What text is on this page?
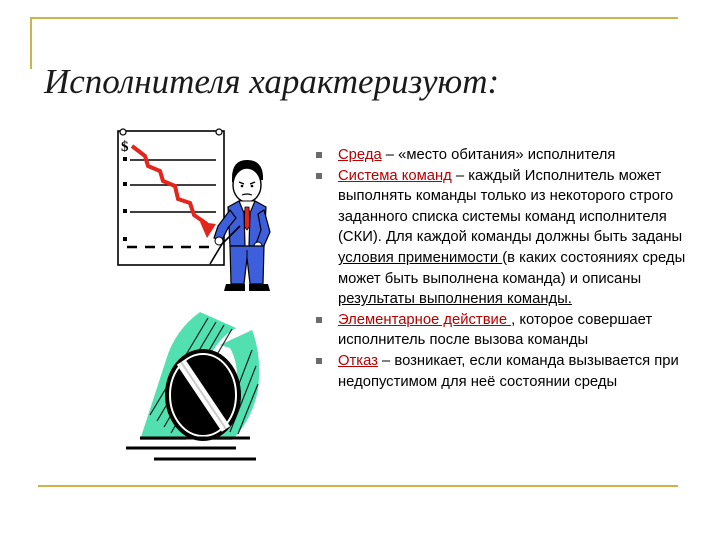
Исполнителя характеризуют:
$	Среда – «место обитания» исполнителя
Система команд – каждый Исполнитель может выполнять команды только из некоторого строго заданного списка системы команд исполнителя (СКИ). Для каждой команды должны быть заданы условия применимости (в каких состояниях среды может быть выполнена команда) и описаны результаты выполнения команды.
Элементарное действие , которое совершает исполнитель после вызова команды
Отказ – возникает, если команда вызывается при недопустимом для неё состоянии среды
